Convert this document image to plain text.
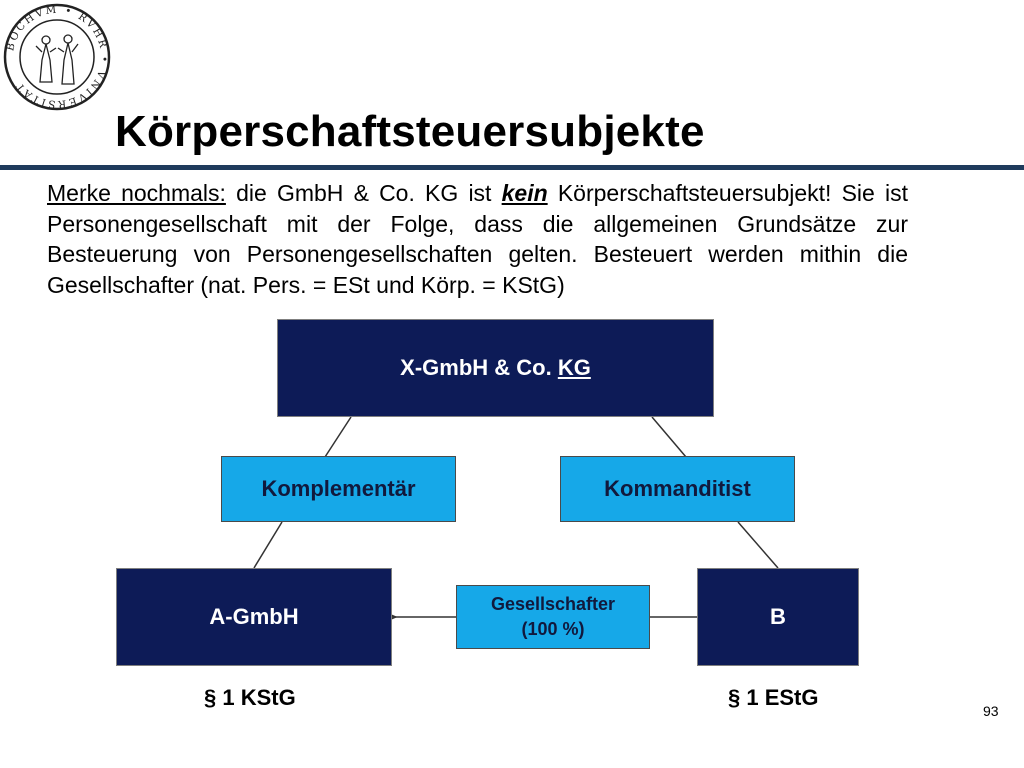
BOCHVM • RVHR • VNIVERSITAT
Körperschaftsteuersubjekte
Merke nochmals: die GmbH & Co. KG ist kein Körperschaftsteuersubjekt! Sie ist Personengesellschaft mit der Folge, dass die allgemeinen Grundsätze zur Besteuerung von Personengesellschaften gelten. Besteuert werden mithin die Gesellschafter (nat. Pers. = ESt und Körp. = KStG)
X-GmbH & Co. KG
Komplementär	Kommanditist
A-GmbH	Gesellschafter
(100 %)	B
§ 1 KStG	§ 1 EStG
93
